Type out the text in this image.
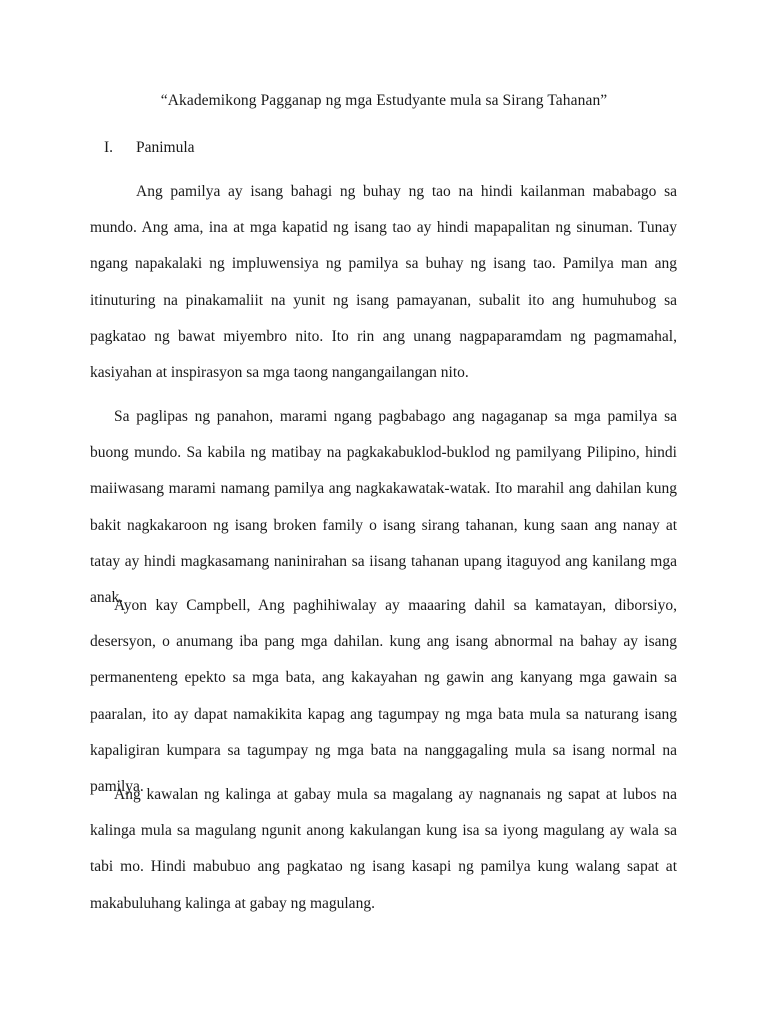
“Akademikong Pagganap ng mga Estudyante mula sa Sirang Tahanan”
I. Panimula

Ang pamilya ay isang bahagi ng buhay ng tao na hindi kailanman mababago sa mundo. Ang ama, ina at mga kapatid ng isang tao ay hindi mapapalitan ng sinuman. Tunay ngang napakalaki ng impluwensiya ng pamilya sa buhay ng isang tao. Pamilya man ang itinuturing na pinakamaliit na yunit ng isang pamayanan, subalit ito ang humuhubog sa pagkatao ng bawat miyembro nito. Ito rin ang unang nagpaparamdam ng pagmamahal, kasiyahan at inspirasyon sa mga taong nangangailangan nito.

Sa paglipas ng panahon, marami ngang pagbabago ang nagaganap sa mga pamilya sa buong mundo. Sa kabila ng matibay na pagkakabuklod-buklod ng pamilyang Pilipino, hindi maiiwasang marami namang pamilya ang nagkakawatak-watak. Ito marahil ang dahilan kung bakit nagkakaroon ng isang broken family o isang sirang tahanan, kung saan ang nanay at tatay ay hindi magkasamang naninirahan sa iisang tahanan upang itaguyod ang kanilang mga anak.

Ayon kay Campbell, Ang paghihiwalay ay maaaring dahil sa kamatayan, diborsiyo, desersyon, o anumang iba pang mga dahilan. kung ang isang abnormal na bahay ay isang permanenteng epekto sa mga bata, ang kakayahan ng gawin ang kanyang mga gawain sa paaralan, ito ay dapat namakikita kapag ang tagumpay ng mga bata mula sa naturang isang kapaligiran kumpara sa tagumpay ng mga bata na nanggagaling mula sa isang normal na pamilya.

Ang kawalan ng kalinga at gabay mula sa magalang ay nagnanais ng sapat at lubos na kalinga mula sa magulang ngunit anong kakulangan kung isa sa iyong magulang ay wala sa tabi mo. Hindi mabubuo ang pagkatao ng isang kasapi ng pamilya kung walang sapat at makabuluhang kalinga at gabay ng magulang.
